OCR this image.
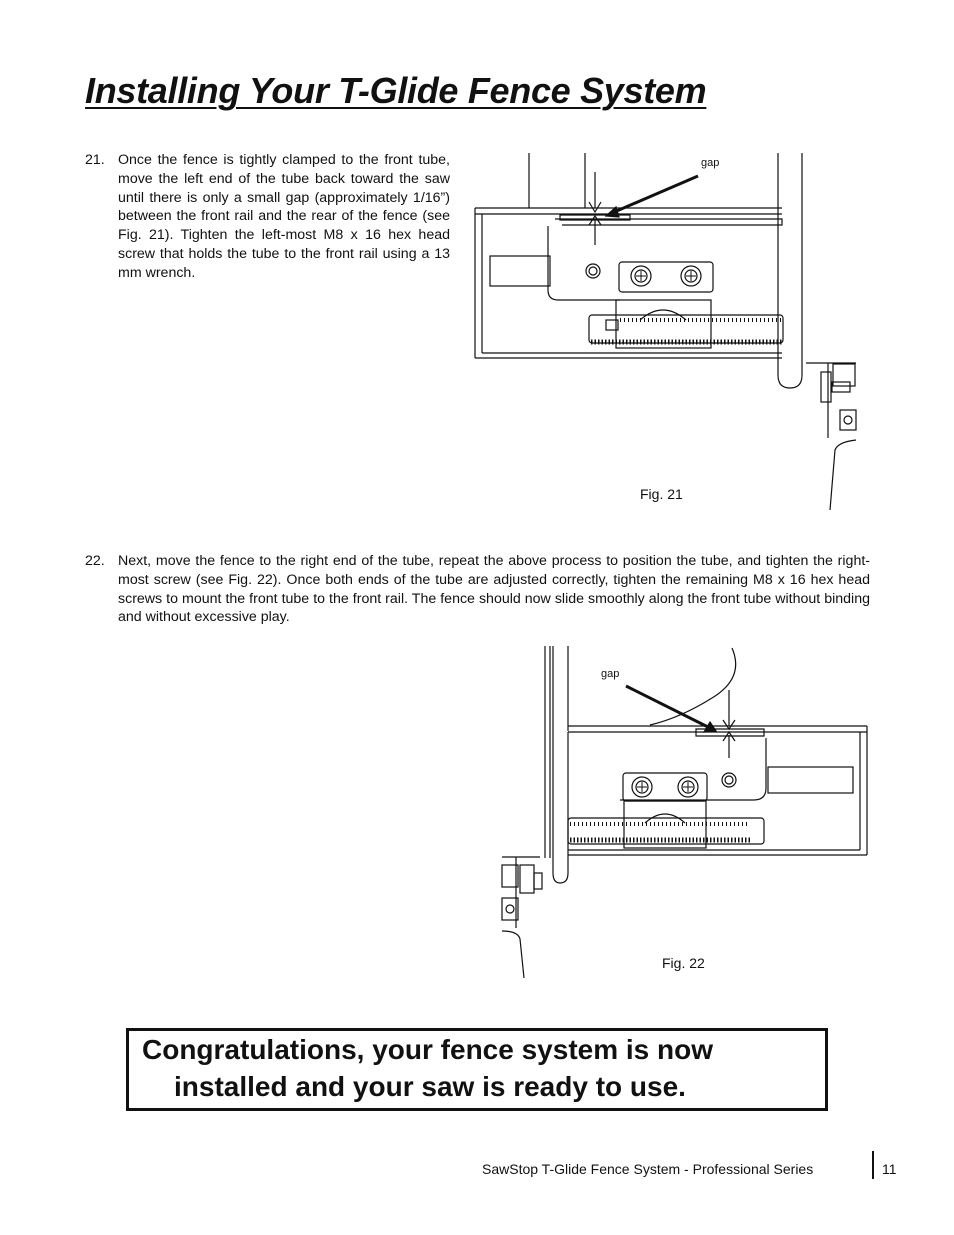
Installing Your T-Glide Fence System
21. Once the fence is tightly clamped to the front tube, move the left end of the tube back toward the saw until there is only a small gap (approximately 1/16”) between the front rail and the rear of the fence (see Fig. 21). Tighten the left-most M8 x 16 hex head screw that holds the tube to the front rail using a 13 mm wrench.
gap
Fig. 21
22. Next, move the fence to the right end of the tube, repeat the above process to position the tube, and tighten the right-most screw (see Fig. 22). Once both ends of the tube are adjusted correctly, tighten the remaining M8 x 16 hex head screws to mount the front tube to the front rail. The fence should now slide smoothly along the front tube without binding and without excessive play.
gap
Fig. 22

Congratulations, your fence system is now

installed and your saw is ready to use.

SawStop T-Glide Fence System - Professional Series	11
